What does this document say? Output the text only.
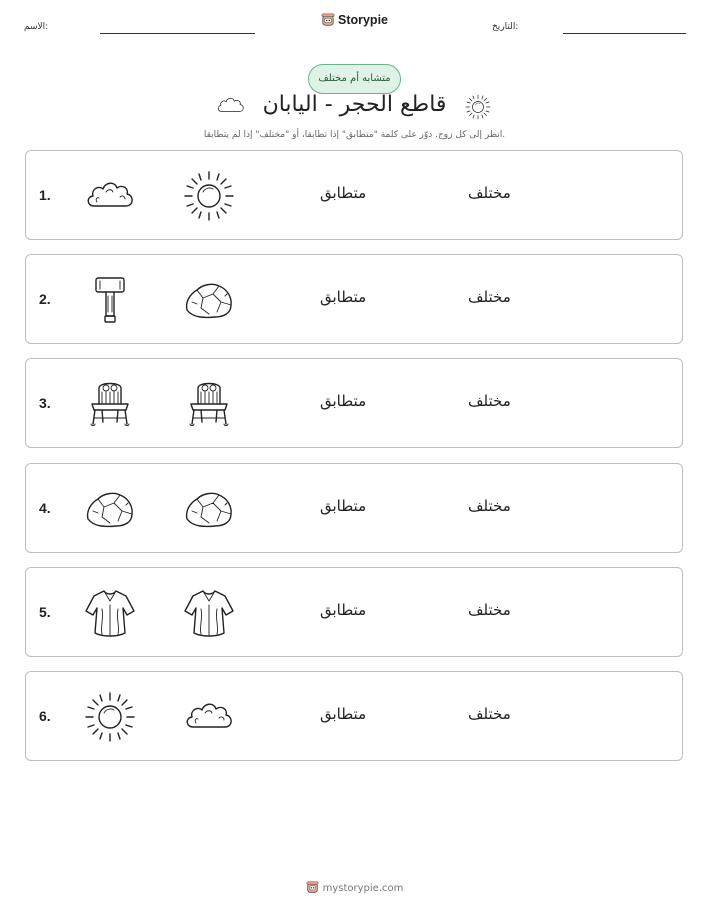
الاسم:	Storypie	التاريخ:
متشابه أم مختلف
قاطع الحجر - اليابان
انظر إلى كل زوج. دوّر على كلمة "متطابق" إذا تطابقا، أو "مختلف" إذا لم يتطابقا.
1.	متطابق	مختلف
2.	متطابق	مختلف
3.	متطابق	مختلف
4.	متطابق	مختلف
5.	متطابق	مختلف
6.	متطابق	مختلف
mystorypie.com
